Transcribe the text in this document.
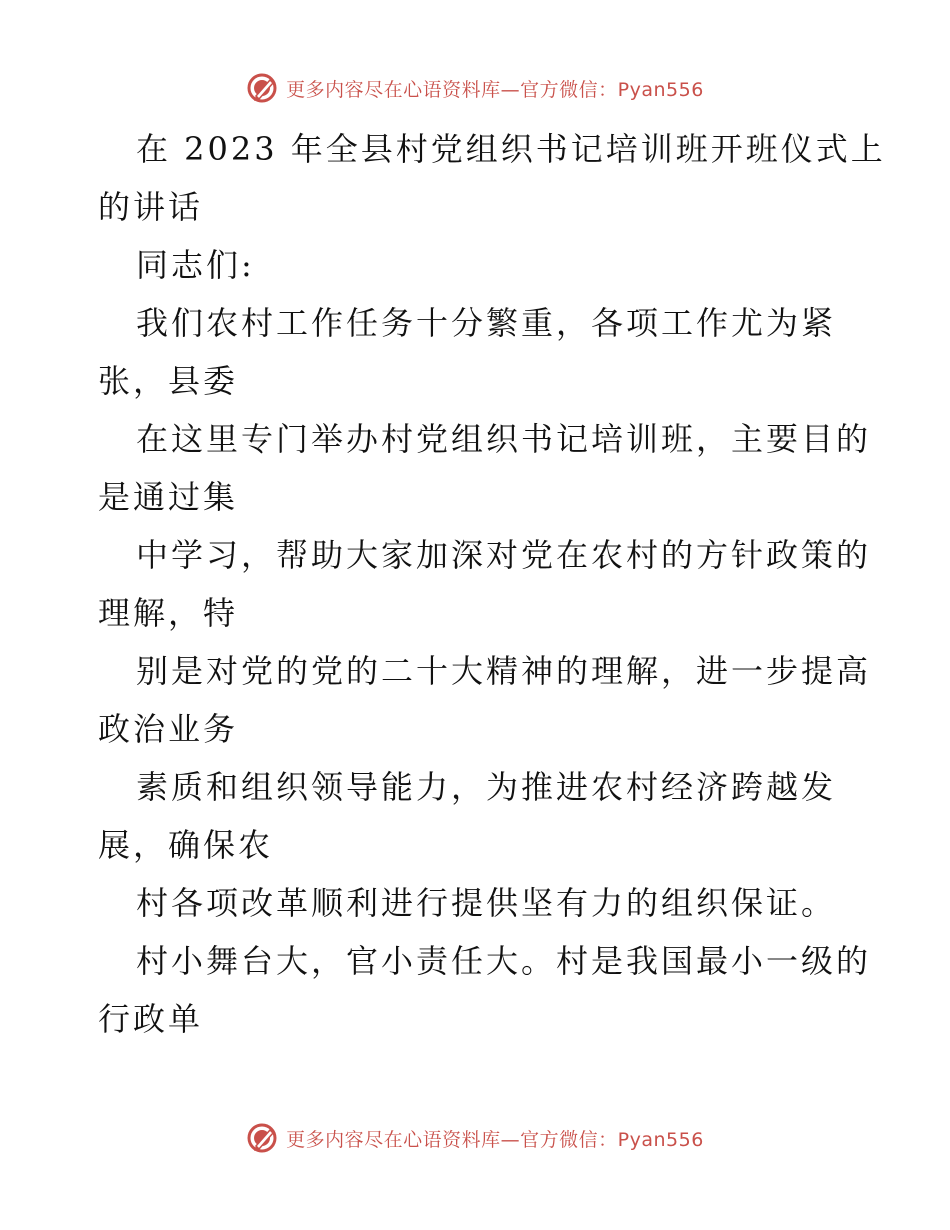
更多内容尽在心语资料库—官方微信：Pyan556
在 2023 年全县村党组织书记培训班开班仪式上
的讲话
同志们:
我们农村工作任务十分繁重，各项工作尤为紧
张，县委
在这里专门举办村党组织书记培训班，主要目的
是通过集
中学习，帮助大家加深对党在农村的方针政策的
理解，特
别是对党的党的二十大精神的理解，进一步提高
政治业务
素质和组织领导能力，为推进农村经济跨越发
展，确保农
村各项改革顺利进行提供坚有力的组织保证。
村小舞台大，官小责任大。村是我国最小一级的
行政单
更多内容尽在心语资料库—官方微信：Pyan556
